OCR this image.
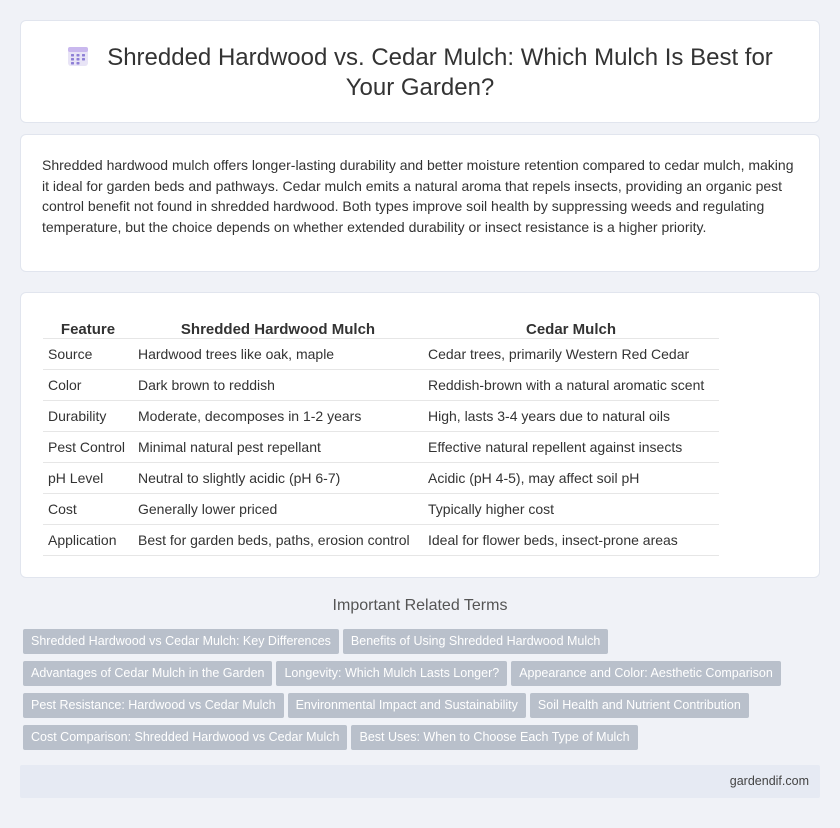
Shredded Hardwood vs. Cedar Mulch: Which Mulch Is Best for Your Garden?

Shredded hardwood mulch offers longer-lasting durability and better moisture retention compared to cedar mulch, making it ideal for garden beds and pathways. Cedar mulch emits a natural aroma that repels insects, providing an organic pest control benefit not found in shredded hardwood. Both types improve soil health by suppressing weeds and regulating temperature, but the choice depends on whether extended durability or insect resistance is a higher priority.

Feature	Shredded Hardwood Mulch	Cedar Mulch
Source	Hardwood trees like oak, maple	Cedar trees, primarily Western Red Cedar
Color	Dark brown to reddish	Reddish-brown with a natural aromatic scent
Durability	Moderate, decomposes in 1-2 years	High, lasts 3-4 years due to natural oils
Pest Control	Minimal natural pest repellant	Effective natural repellent against insects
pH Level	Neutral to slightly acidic (pH 6-7)	Acidic (pH 4-5), may affect soil pH
Cost	Generally lower priced	Typically higher cost
Application	Best for garden beds, paths, erosion control	Ideal for flower beds, insect-prone areas
Important Related Terms
Shredded Hardwood vs Cedar Mulch: Key Differences Benefits of Using Shredded Hardwood Mulch
Advantages of Cedar Mulch in the Garden Longevity: Which Mulch Lasts Longer? Appearance and Color: Aesthetic Comparison
Pest Resistance: Hardwood vs Cedar Mulch Environmental Impact and Sustainability Soil Health and Nutrient Contribution
Cost Comparison: Shredded Hardwood vs Cedar Mulch Best Uses: When to Choose Each Type of Mulch
gardendif.com
